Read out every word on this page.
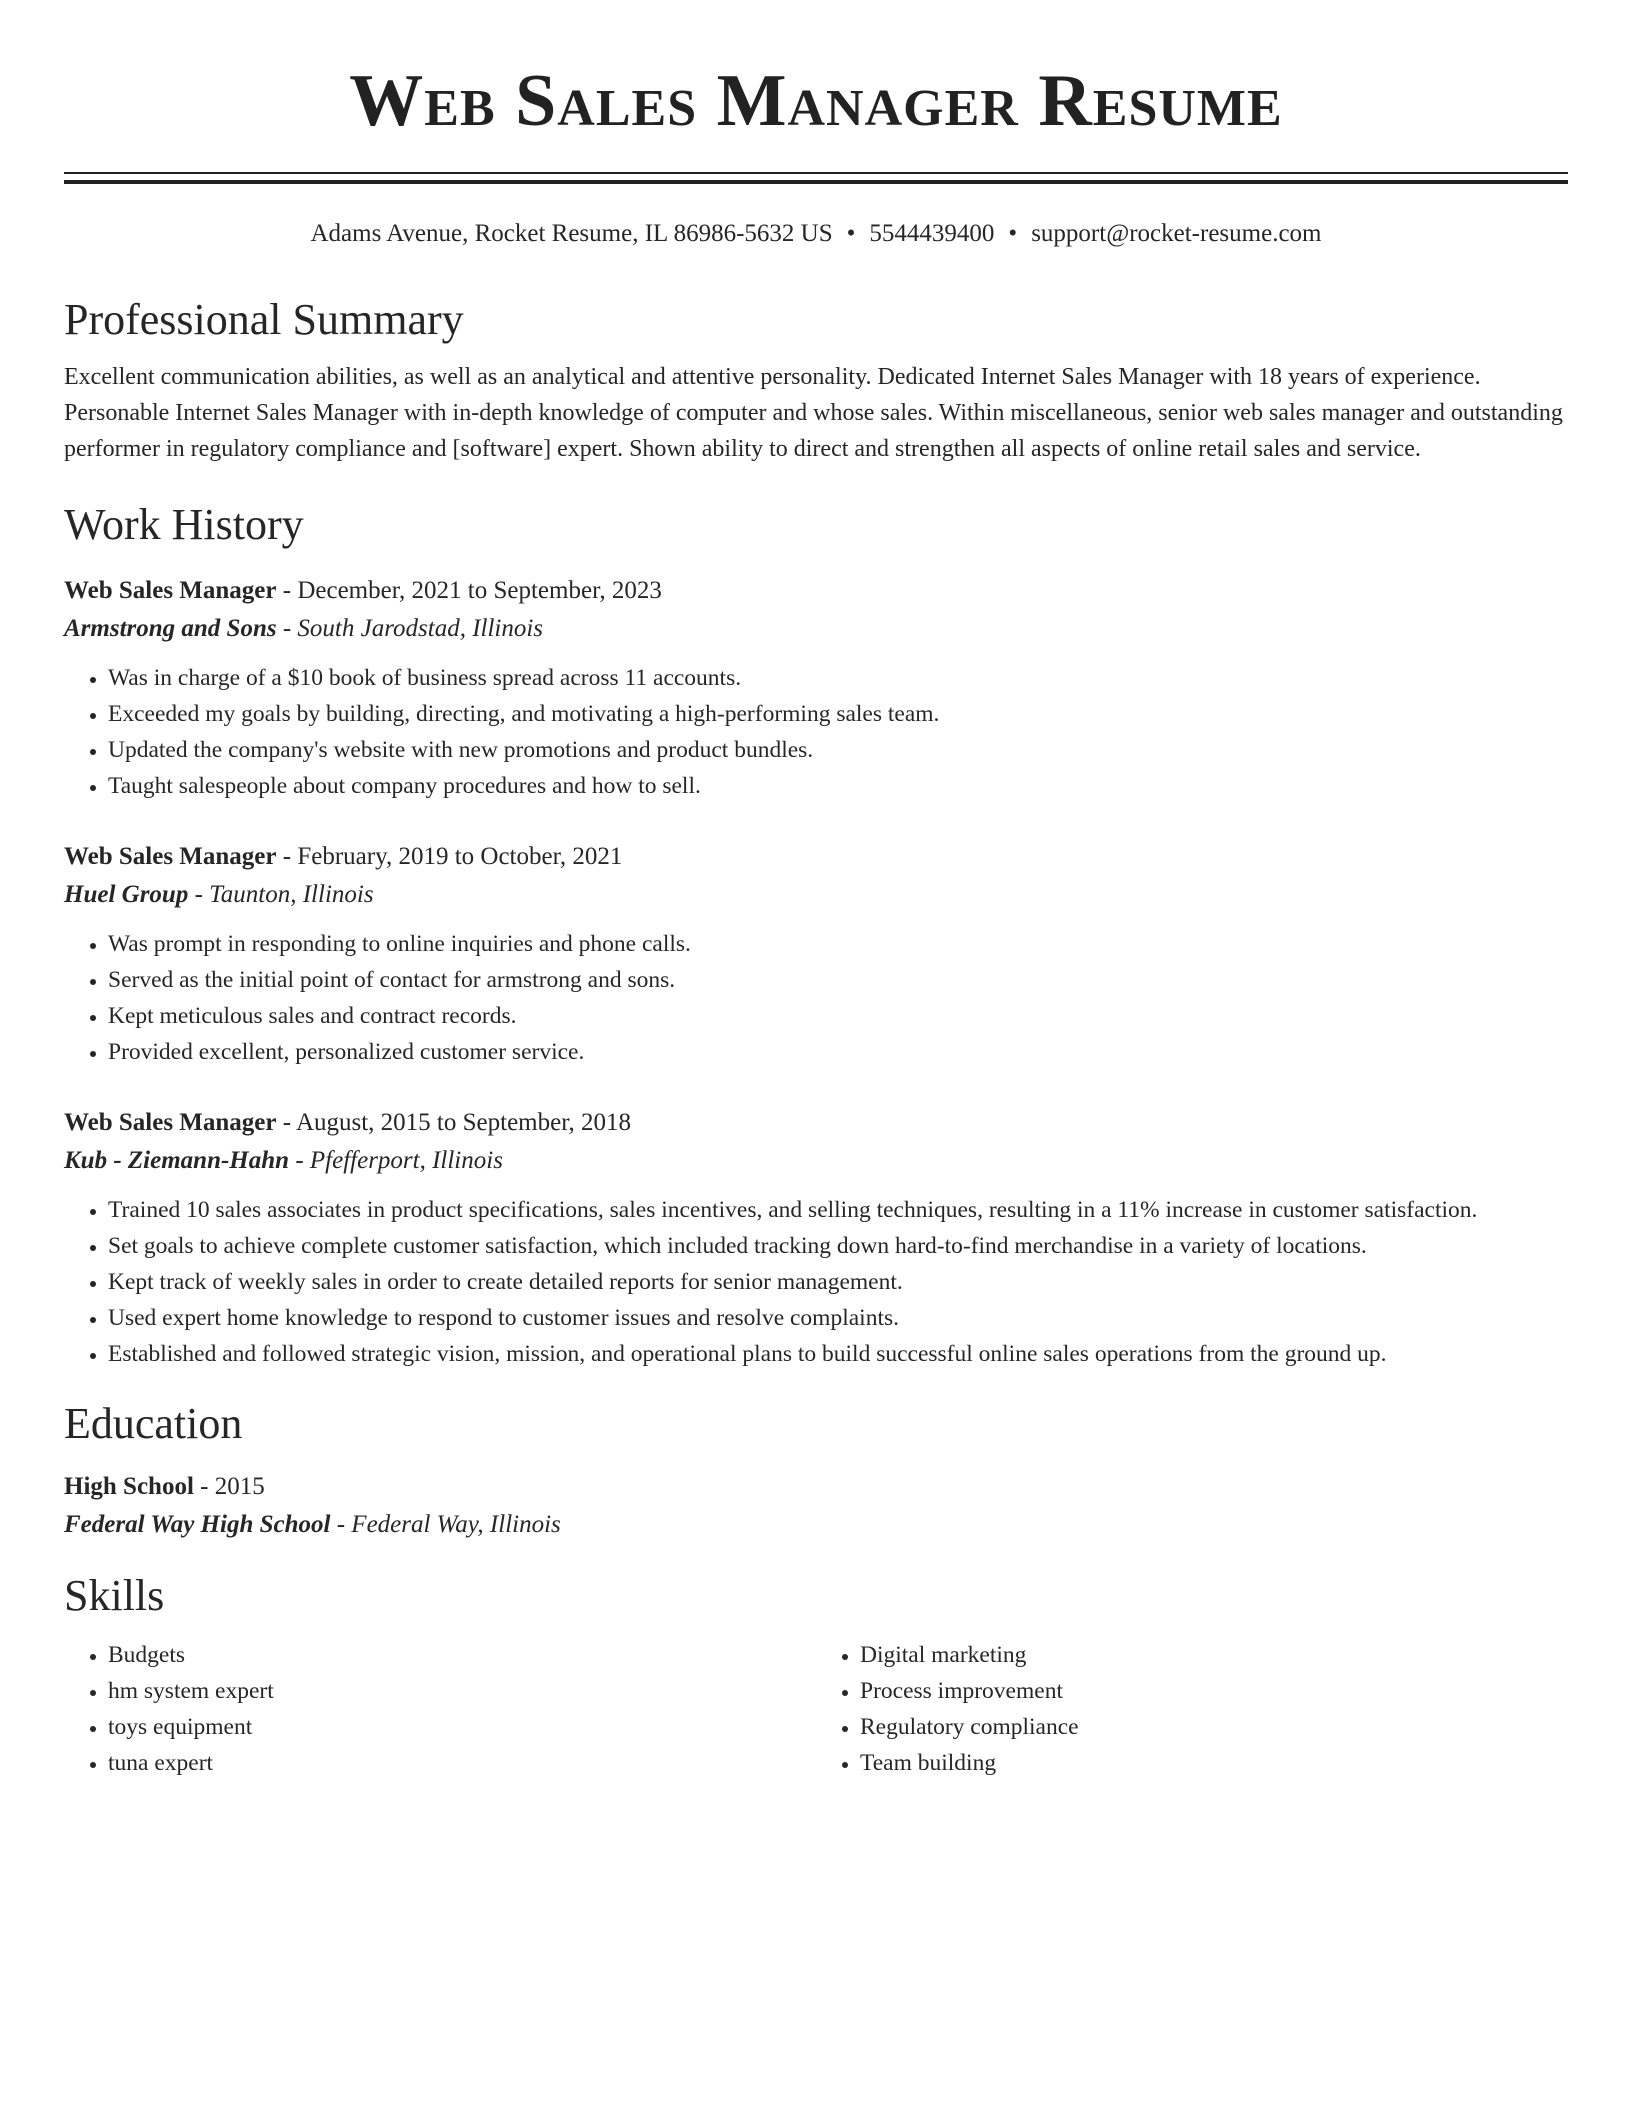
Web Sales Manager Resume
Adams Avenue, Rocket Resume, IL 86986-5632 US • 5544439400 • support@rocket-resume.com
Professional Summary
Excellent communication abilities, as well as an analytical and attentive personality. Dedicated Internet Sales Manager with 18 years of experience. Personable Internet Sales Manager with in-depth knowledge of computer and whose sales. Within miscellaneous, senior web sales manager and outstanding performer in regulatory compliance and [software] expert. Shown ability to direct and strengthen all aspects of online retail sales and service.
Work History
Web Sales Manager - December, 2021 to September, 2023
Armstrong and Sons - South Jarodstad, Illinois
• Was in charge of a $10 book of business spread across 11 accounts.
• Exceeded my goals by building, directing, and motivating a high-performing sales team.
• Updated the company's website with new promotions and product bundles.
• Taught salespeople about company procedures and how to sell.
Web Sales Manager - February, 2019 to October, 2021
Huel Group - Taunton, Illinois
• Was prompt in responding to online inquiries and phone calls.
• Served as the initial point of contact for armstrong and sons.
• Kept meticulous sales and contract records.
• Provided excellent, personalized customer service.
Web Sales Manager - August, 2015 to September, 2018
Kub - Ziemann-Hahn - Pfefferport, Illinois
• Trained 10 sales associates in product specifications, sales incentives, and selling techniques, resulting in a 11% increase in customer satisfaction.
• Set goals to achieve complete customer satisfaction, which included tracking down hard-to-find merchandise in a variety of locations.
• Kept track of weekly sales in order to create detailed reports for senior management.
• Used expert home knowledge to respond to customer issues and resolve complaints.
• Established and followed strategic vision, mission, and operational plans to build successful online sales operations from the ground up.
Education
High School - 2015
Federal Way High School - Federal Way, Illinois
Skills
• Budgets
• hm system expert
• toys equipment
• tuna expert
• Digital marketing
• Process improvement
• Regulatory compliance
• Team building
